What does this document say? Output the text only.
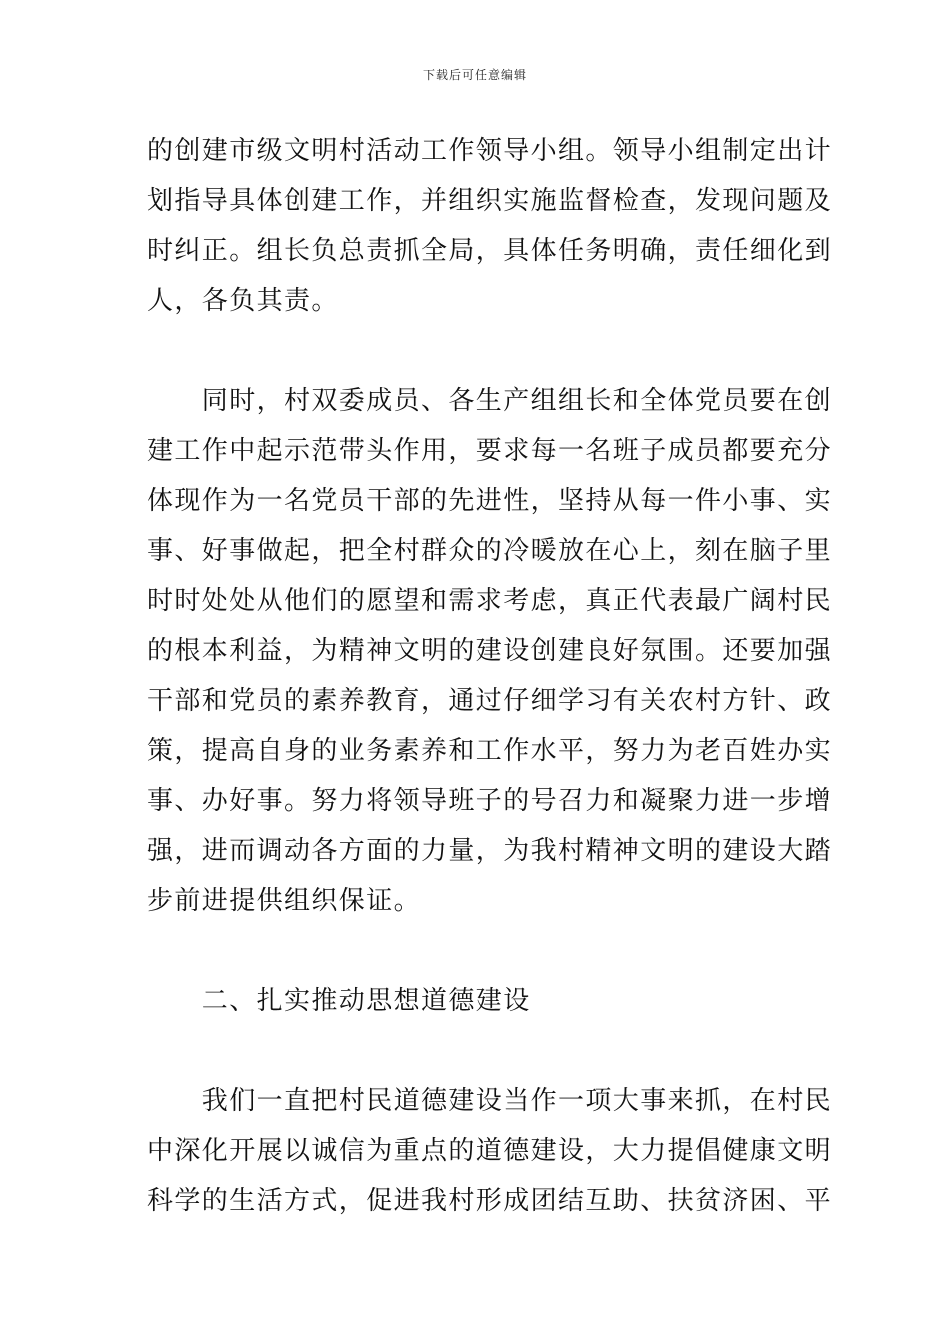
下载后可任意编辑
的创建市级文明村活动工作领导小组。领导小组制定出计
划指导具体创建工作，并组织实施监督检查，发现问题及
时纠正。组长负总责抓全局，具体任务明确，责任细化到
人，各负其责。
　　同时，村双委成员、各生产组组长和全体党员要在创
建工作中起示范带头作用，要求每一名班子成员都要充分
体现作为一名党员干部的先进性，坚持从每一件小事、实
事、好事做起，把全村群众的冷暖放在心上，刻在脑子里
时时处处从他们的愿望和需求考虑，真正代表最广阔村民
的根本利益，为精神文明的建设创建良好氛围。还要加强
干部和党员的素养教育，通过仔细学习有关农村方针、政
策，提高自身的业务素养和工作水平，努力为老百姓办实
事、办好事。努力将领导班子的号召力和凝聚力进一步增
强，进而调动各方面的力量，为我村精神文明的建设大踏
步前进提供组织保证。
　　二、扎实推动思想道德建设
　　我们一直把村民道德建设当作一项大事来抓，在村民
中深化开展以诚信为重点的道德建设，大力提倡健康文明
科学的生活方式，促进我村形成团结互助、扶贫济困、平
